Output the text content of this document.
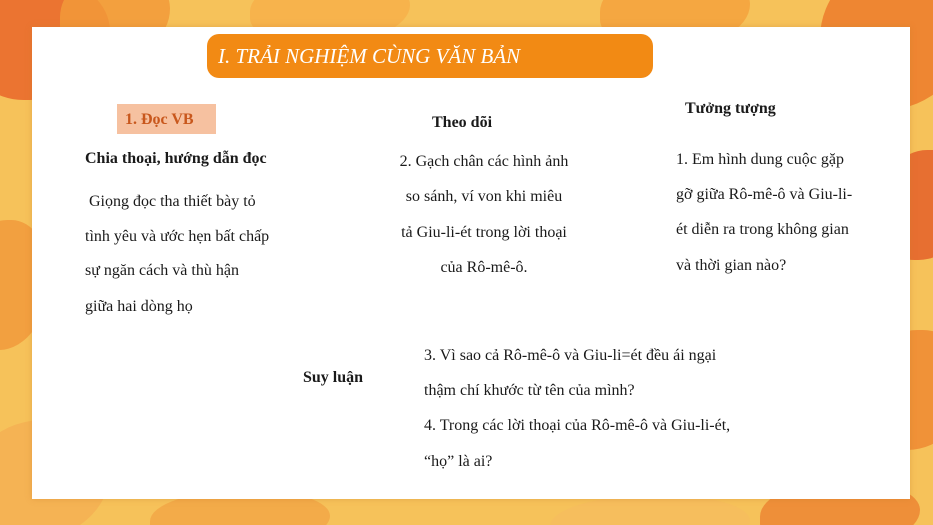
I. TRẢI NGHIỆM CÙNG VĂN BẢN
1. Đọc VB
Chia thoại, hướng dẫn đọc
Giọng đọc tha thiết bày tỏ
tình yêu và ước hẹn bất chấp
sự ngăn cách và thù hận
giữa hai dòng họ
Theo dõi
2. Gạch chân các hình ảnh
so sánh, ví von khi miêu
tả Giu-li-ét trong lời thoại
của Rô-mê-ô.
Tưởng tượng
1. Em hình dung cuộc gặp
gỡ giữa Rô-mê-ô và Giu-li-
ét diễn ra trong không gian
và thời gian nào?
Suy luận
3. Vì sao cả Rô-mê-ô và Giu-li=ét đều ái ngại
thậm chí khước từ tên của mình?
4. Trong các lời thoại của Rô-mê-ô và Giu-li-ét,
“họ” là ai?
